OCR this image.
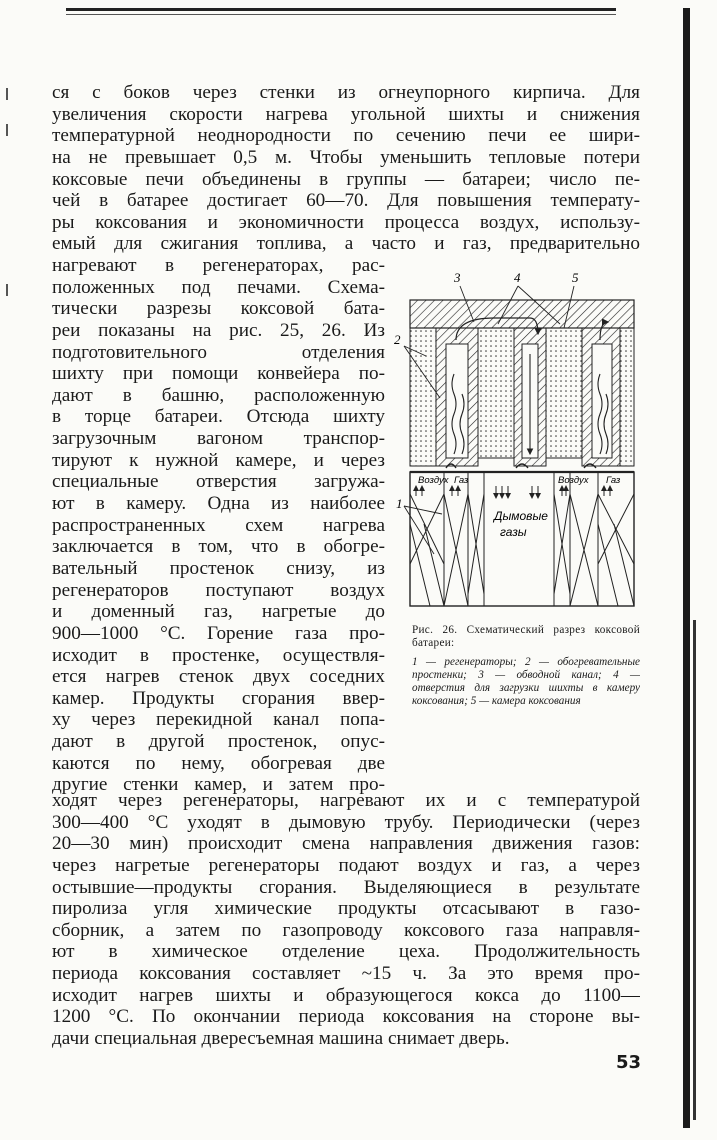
ся с боков через стенки из огнеупорного кирпича. Для
увеличения скорости нагрева угольной шихты и снижения
температурной неоднородности по сечению печи ее шири-
на не превышает 0,5 м. Чтобы уменьшить тепловые потери
коксовые печи объединены в группы — батареи; число пе-
чей в батарее достигает 60—70. Для повышения температу-
ры коксования и экономичности процесса воздух, использу-
емый для сжигания топлива, а часто и газ, предварительно
нагревают в регенераторах, рас-
положенных под печами. Схема-
тически разрезы коксовой бата-
реи показаны на рис. 25, 26. Из
подготовительного отделения
шихту при помощи конвейера по-
дают в башню, расположенную
в торце батареи. Отсюда шихту
загрузочным вагоном транспор-
тируют к нужной камере, и через
специальные отверстия загружа-
ют в камеру. Одна из наиболее
распространенных схем нагрева
заключается в том, что в обогре-
вательный простенок снизу, из
регенераторов поступают воздух
и доменный газ, нагретые до
900—1000 °С. Горение газа про-
исходит в простенке, осуществля-
ется нагрев стенок двух соседних
камер. Продукты сгорания ввер-
ху через перекидной канал попа-
дают в другой простенок, опус-
каются по нему, обогревая две
другие стенки камер, и затем про-
ходят через регенераторы, нагревают их и с температурой
300—400 °С уходят в дымовую трубу. Периодически (через
20—30 мин) происходит смена направления движения газов:
через нагретые регенераторы подают воздух и газ, а через
остывшие—продукты сгорания. Выделяющиеся в результате
пиролиза угля химические продукты отсасывают в газо-
сборник, а затем по газопроводу коксового газа направля-
ют в химическое отделение цеха. Продолжительность
периода коксования составляет ~15 ч. За это время про-
исходит нагрев шихты и образующегося кокса до 1100—
1200 °С. По окончании периода коксования на стороне вы-
дачи специальная двересъемная машина снимает дверь.
Воздух Газ	Воздух Газ
Дымовые
газы
3	4	5
2
1
Рис. 26. Схематический разрез коксовой батареи:
1 — регенераторы; 2 — обогревательные простенки; 3 — обводной канал; 4 — отверстия для загрузки шихты в камеру коксования; 5 — камера коксования
53
